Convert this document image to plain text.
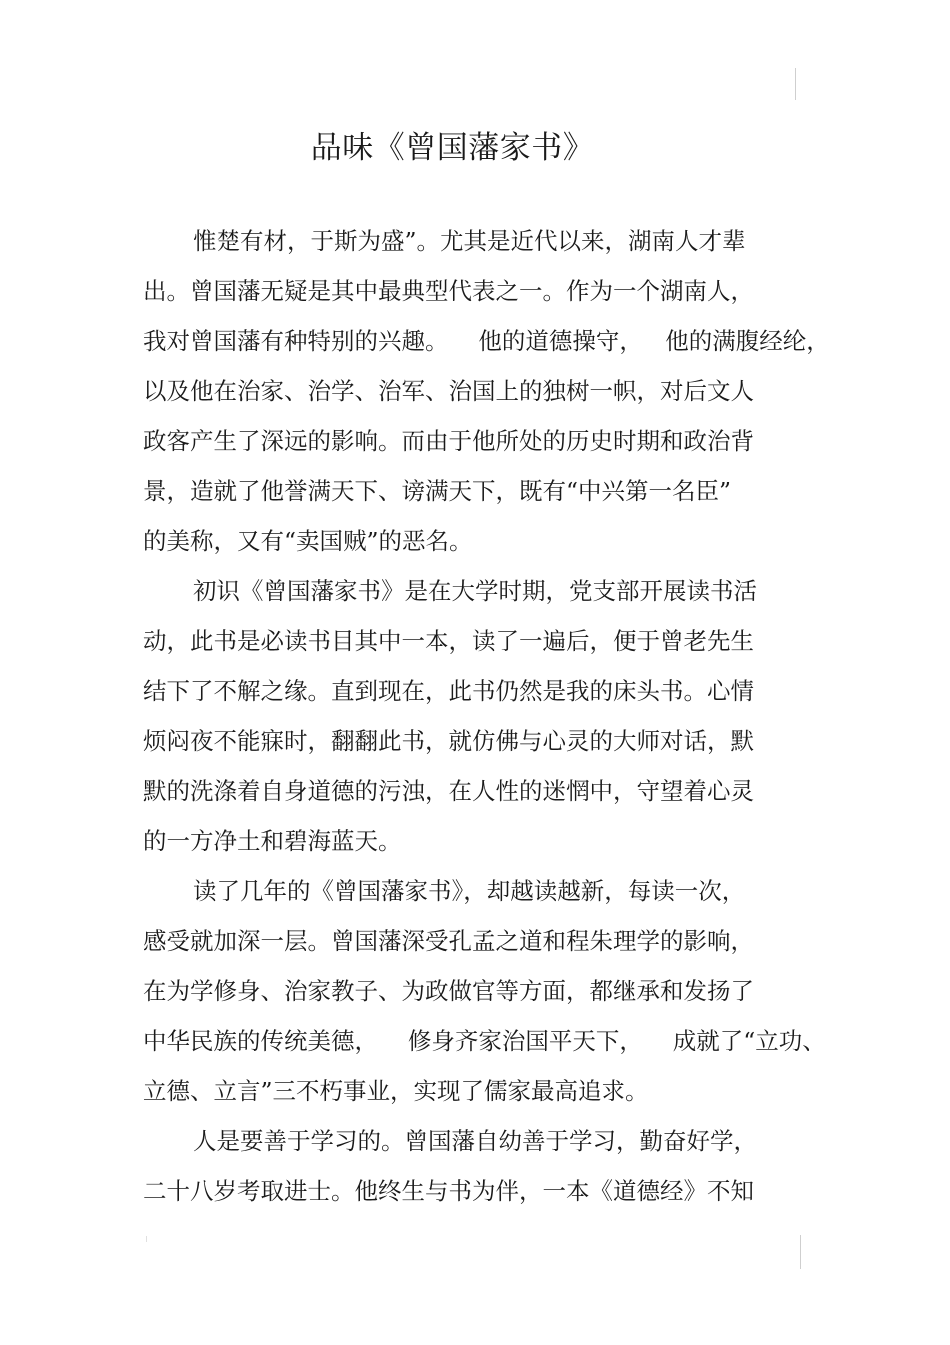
品味《曾国藩家书》
惟楚有材，于斯为盛”。尤其是近代以来，湖南人才辈
出。曾国藩无疑是其中最典型代表之一。作为一个湖南人，
我对曾国藩有种特别的兴趣。    他的道德操守，   他的满腹经纶，
以及他在治家、治学、治军、治国上的独树一帜，对后文人
政客产生了深远的影响。而由于他所处的历史时期和政治背
景，造就了他誉满天下、谤满天下，既有“中兴第一名臣”
的美称，又有“卖国贼”的恶名。
初识《曾国藩家书》是在大学时期，党支部开展读书活
动，此书是必读书目其中一本，读了一遍后，便于曾老先生
结下了不解之缘。直到现在，此书仍然是我的床头书。心情
烦闷夜不能寐时，翻翻此书，就仿佛与心灵的大师对话，默
默的洗涤着自身道德的污浊，在人性的迷惘中，守望着心灵
的一方净土和碧海蓝天。
读了几年的《曾国藩家书》，却越读越新，每读一次，
感受就加深一层。曾国藩深受孔孟之道和程朱理学的影响，
在为学修身、治家教子、为政做官等方面，都继承和发扬了
中华民族的传统美德，    修身齐家治国平天下，    成就了“立功、
立德、立言”三不朽事业，实现了儒家最高追求。
人是要善于学习的。曾国藩自幼善于学习，勤奋好学，
二十八岁考取进士。他终生与书为伴，一本《道德经》不知
